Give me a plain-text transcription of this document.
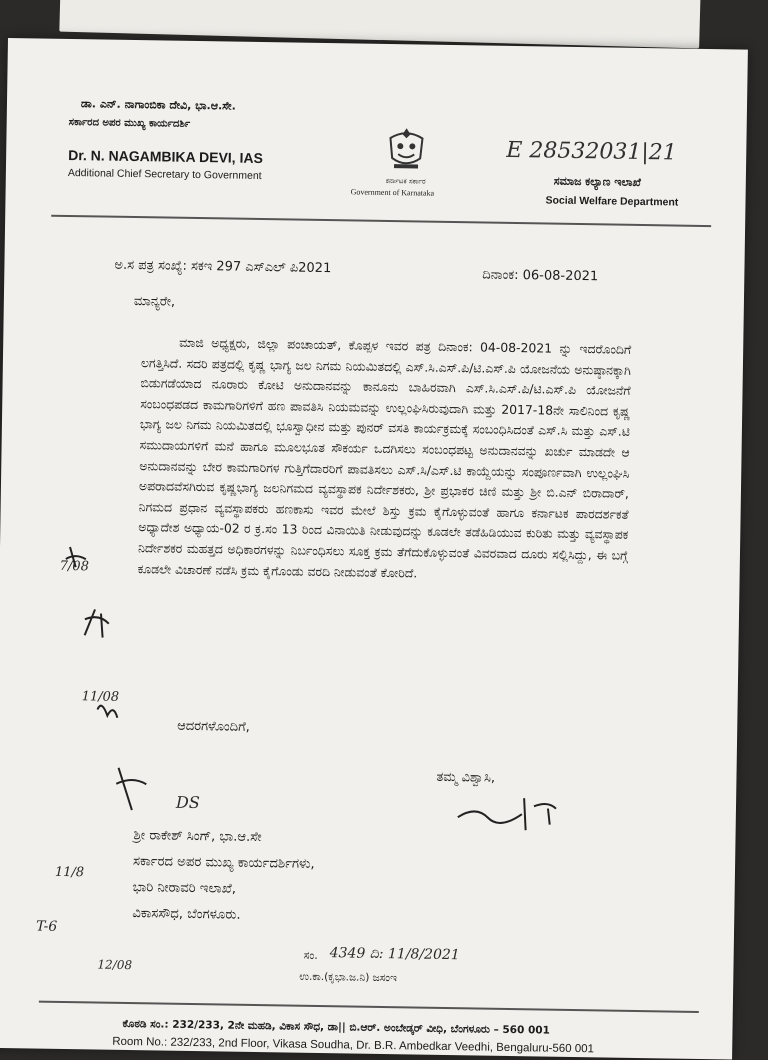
ಡಾ. ಎನ್. ನಾಗಾಂಬಿಕಾ ದೇವಿ, ಭಾ.ಆ.ಸೇ.
ಸರ್ಕಾರದ ಅಪರ ಮುಖ್ಯ ಕಾರ್ಯದರ್ಶಿ
Dr. N. NAGAMBIKA DEVI, IAS
Additional Chief Secretary to Government	ಕರ್ನಾಟಕ ಸರ್ಕಾರ
Government of Karnataka
E 28532031|21
ಸಮಾಜ ಕಲ್ಯಾಣ ಇಲಾಖೆ
Social Welfare Department
ಅ.ಸ ಪತ್ರ ಸಂಖ್ಯೆ: ಸಕಇ 297 ಎಸ್ಎಲ್ ಪಿ2021	ದಿನಾಂಕ: 06-08-2021
ಮಾನ್ಯರೇ,

ಮಾಜಿ ಅಧ್ಯಕ್ಷರು, ಜಿಲ್ಲಾ ಪಂಚಾಯತ್, ಕೊಪ್ಪಳ ಇವರ ಪತ್ರ ದಿನಾಂಕ: 04-08-2021 ನ್ನು ಇದರೊಂದಿಗೆ ಲಗತ್ತಿಸಿದೆ. ಸದರಿ ಪತ್ರದಲ್ಲಿ ಕೃಷ್ಣ ಭಾಗ್ಯ ಜಲ ನಿಗಮ ನಿಯಮಿತದಲ್ಲಿ ಎಸ್.ಸಿ.ಎಸ್.ಪಿ/ಟಿ.ಎಸ್.ಪಿ ಯೋಜನೆಯ ಅನುಷ್ಠಾನಕ್ಕಾಗಿ ಬಿಡುಗಡೆಯಾದ ನೂರಾರು ಕೋಟಿ ಅನುದಾನವನ್ನು ಕಾನೂನು ಬಾಹಿರವಾಗಿ ಎಸ್.ಸಿ.ಎಸ್.ಪಿ/ಟಿ.ಎಸ್.ಪಿ ಯೋಜನೆಗೆ ಸಂಬಂಧಪಡದ ಕಾಮಗಾರಿಗಳಿಗೆ ಹಣ ಪಾವತಿಸಿ ನಿಯಮವನ್ನು ಉಲ್ಲಂಘಿಸಿರುವುದಾಗಿ ಮತ್ತು 2017-18ನೇ ಸಾಲಿನಿಂದ ಕೃಷ್ಣ ಭಾಗ್ಯ ಜಲ ನಿಗಮ ನಿಯಮಿತದಲ್ಲಿ ಭೂಸ್ವಾಧೀನ ಮತ್ತು ಪುನರ್ ವಸತಿ ಕಾರ್ಯಕ್ರಮಕ್ಕೆ ಸಂಬಂಧಿಸಿದಂತೆ ಎಸ್.ಸಿ ಮತ್ತು ಎಸ್.ಟಿ ಸಮುದಾಯಗಳಿಗೆ ಮನೆ ಹಾಗೂ ಮೂಲಭೂತ ಸೌಕರ್ಯ ಒದಗಿಸಲು ಸಂಬಂಧಪಟ್ಟ ಅನುದಾನವನ್ನು ಖರ್ಚು ಮಾಡದೇ ಆ ಅನುದಾನವನ್ನು ಬೇರ ಕಾಮಗಾರಿಗಳ ಗುತ್ತಿಗೆದಾರರಿಗೆ ಪಾವತಿಸಲು ಎಸ್.ಸಿ/ಎಸ್.ಟಿ ಕಾಯ್ದೆಯನ್ನು ಸಂಪೂರ್ಣವಾಗಿ ಉಲ್ಲಂಘಿಸಿ ಅಪರಾದವೆಸಗಿರುವ ಕೃಷ್ಣಭಾಗ್ಯ ಜಲನಿಗಮದ ವ್ಯವಸ್ಥಾಪಕ ನಿರ್ದೇಶಕರು, ಶ್ರೀ ಪ್ರಭಾಕರ ಚಿಣಿ ಮತ್ತು ಶ್ರೀ ಬಿ.ಎನ್ ಬಿರಾದಾರ್, ನಿಗಮದ ಪ್ರಧಾನ ವ್ಯವಸ್ಥಾಪಕರು ಹಣಕಾಸು ಇವರ ಮೇಲೆ ಶಿಸ್ತು ಕ್ರಮ ಕೈಗೊಳ್ಳುವಂತೆ ಹಾಗೂ ಕರ್ನಾಟಕ ಪಾರದರ್ಶಕತೆ ಅಧ್ಯಾದೇಶ ಅಧ್ಯಾಯ-02 ರ ಕ್ರ.ಸಂ 13 ರಿಂದ ವಿನಾಯಿತಿ ನೀಡುವುದನ್ನು ಕೂಡಲೇ ತಡೆಹಿಡಿಯುವ ಕುರಿತು ಮತ್ತು ವ್ಯವಸ್ಥಾಪಕ ನಿರ್ದೇಶಕರ ಮಹತ್ತದ ಅಧಿಕಾರಗಳನ್ನು ನಿರ್ಬಂಧಿಸಲು ಸೂಕ್ತ ಕ್ರಮ ತೆಗೆದುಕೊಳ್ಳುವಂತೆ ವಿವರವಾದ ದೂರು ಸಲ್ಲಿಸಿದ್ದು, ಈ ಬಗ್ಗೆ ಕೂಡಲೇ ವಿಚಾರಣೆ ನಡೆಸಿ ಕ್ರಮ ಕೈಗೊಂಡು ವರದಿ ನೀಡುವಂತೆ ಕೋರಿದೆ.

7/08
11/08
DS
11/8
T-6
12/08
ಆದರಗಳೊಂದಿಗೆ,
ತಮ್ಮ ವಿಶ್ವಾಸಿ,
ಶ್ರೀ ರಾಕೇಶ್ ಸಿಂಗ್, ಭಾ.ಆ.ಸೇ
ಸರ್ಕಾರದ ಅಪರ ಮುಖ್ಯ ಕಾರ್ಯದರ್ಶಿಗಳು,
ಭಾರಿ ನೀರಾವರಿ ಇಲಾಖೆ,
ವಿಕಾಸಸೌಧ, ಬೆಂಗಳೂರು.
ಸಂ. 4349 ದಿ: 11/8/2021
ಉ.ಕಾ.(ಕೃಭಾ.ಜ.ನಿ) ಜಸಂಇ
ಕೊಠಡಿ ಸಂ.: 232/233, 2ನೇ ಮಹಡಿ, ವಿಕಾಸ ಸೌಧ, ಡಾ|| ಬಿ.ಆರ್. ಅಂಬೇಡ್ಕರ್ ವೀಧಿ, ಬೆಂಗಳೂರು – 560 001
Room No.: 232/233, 2nd Floor, Vikasa Soudha, Dr. B.R. Ambedkar Veedhi, Bengaluru-560 001
